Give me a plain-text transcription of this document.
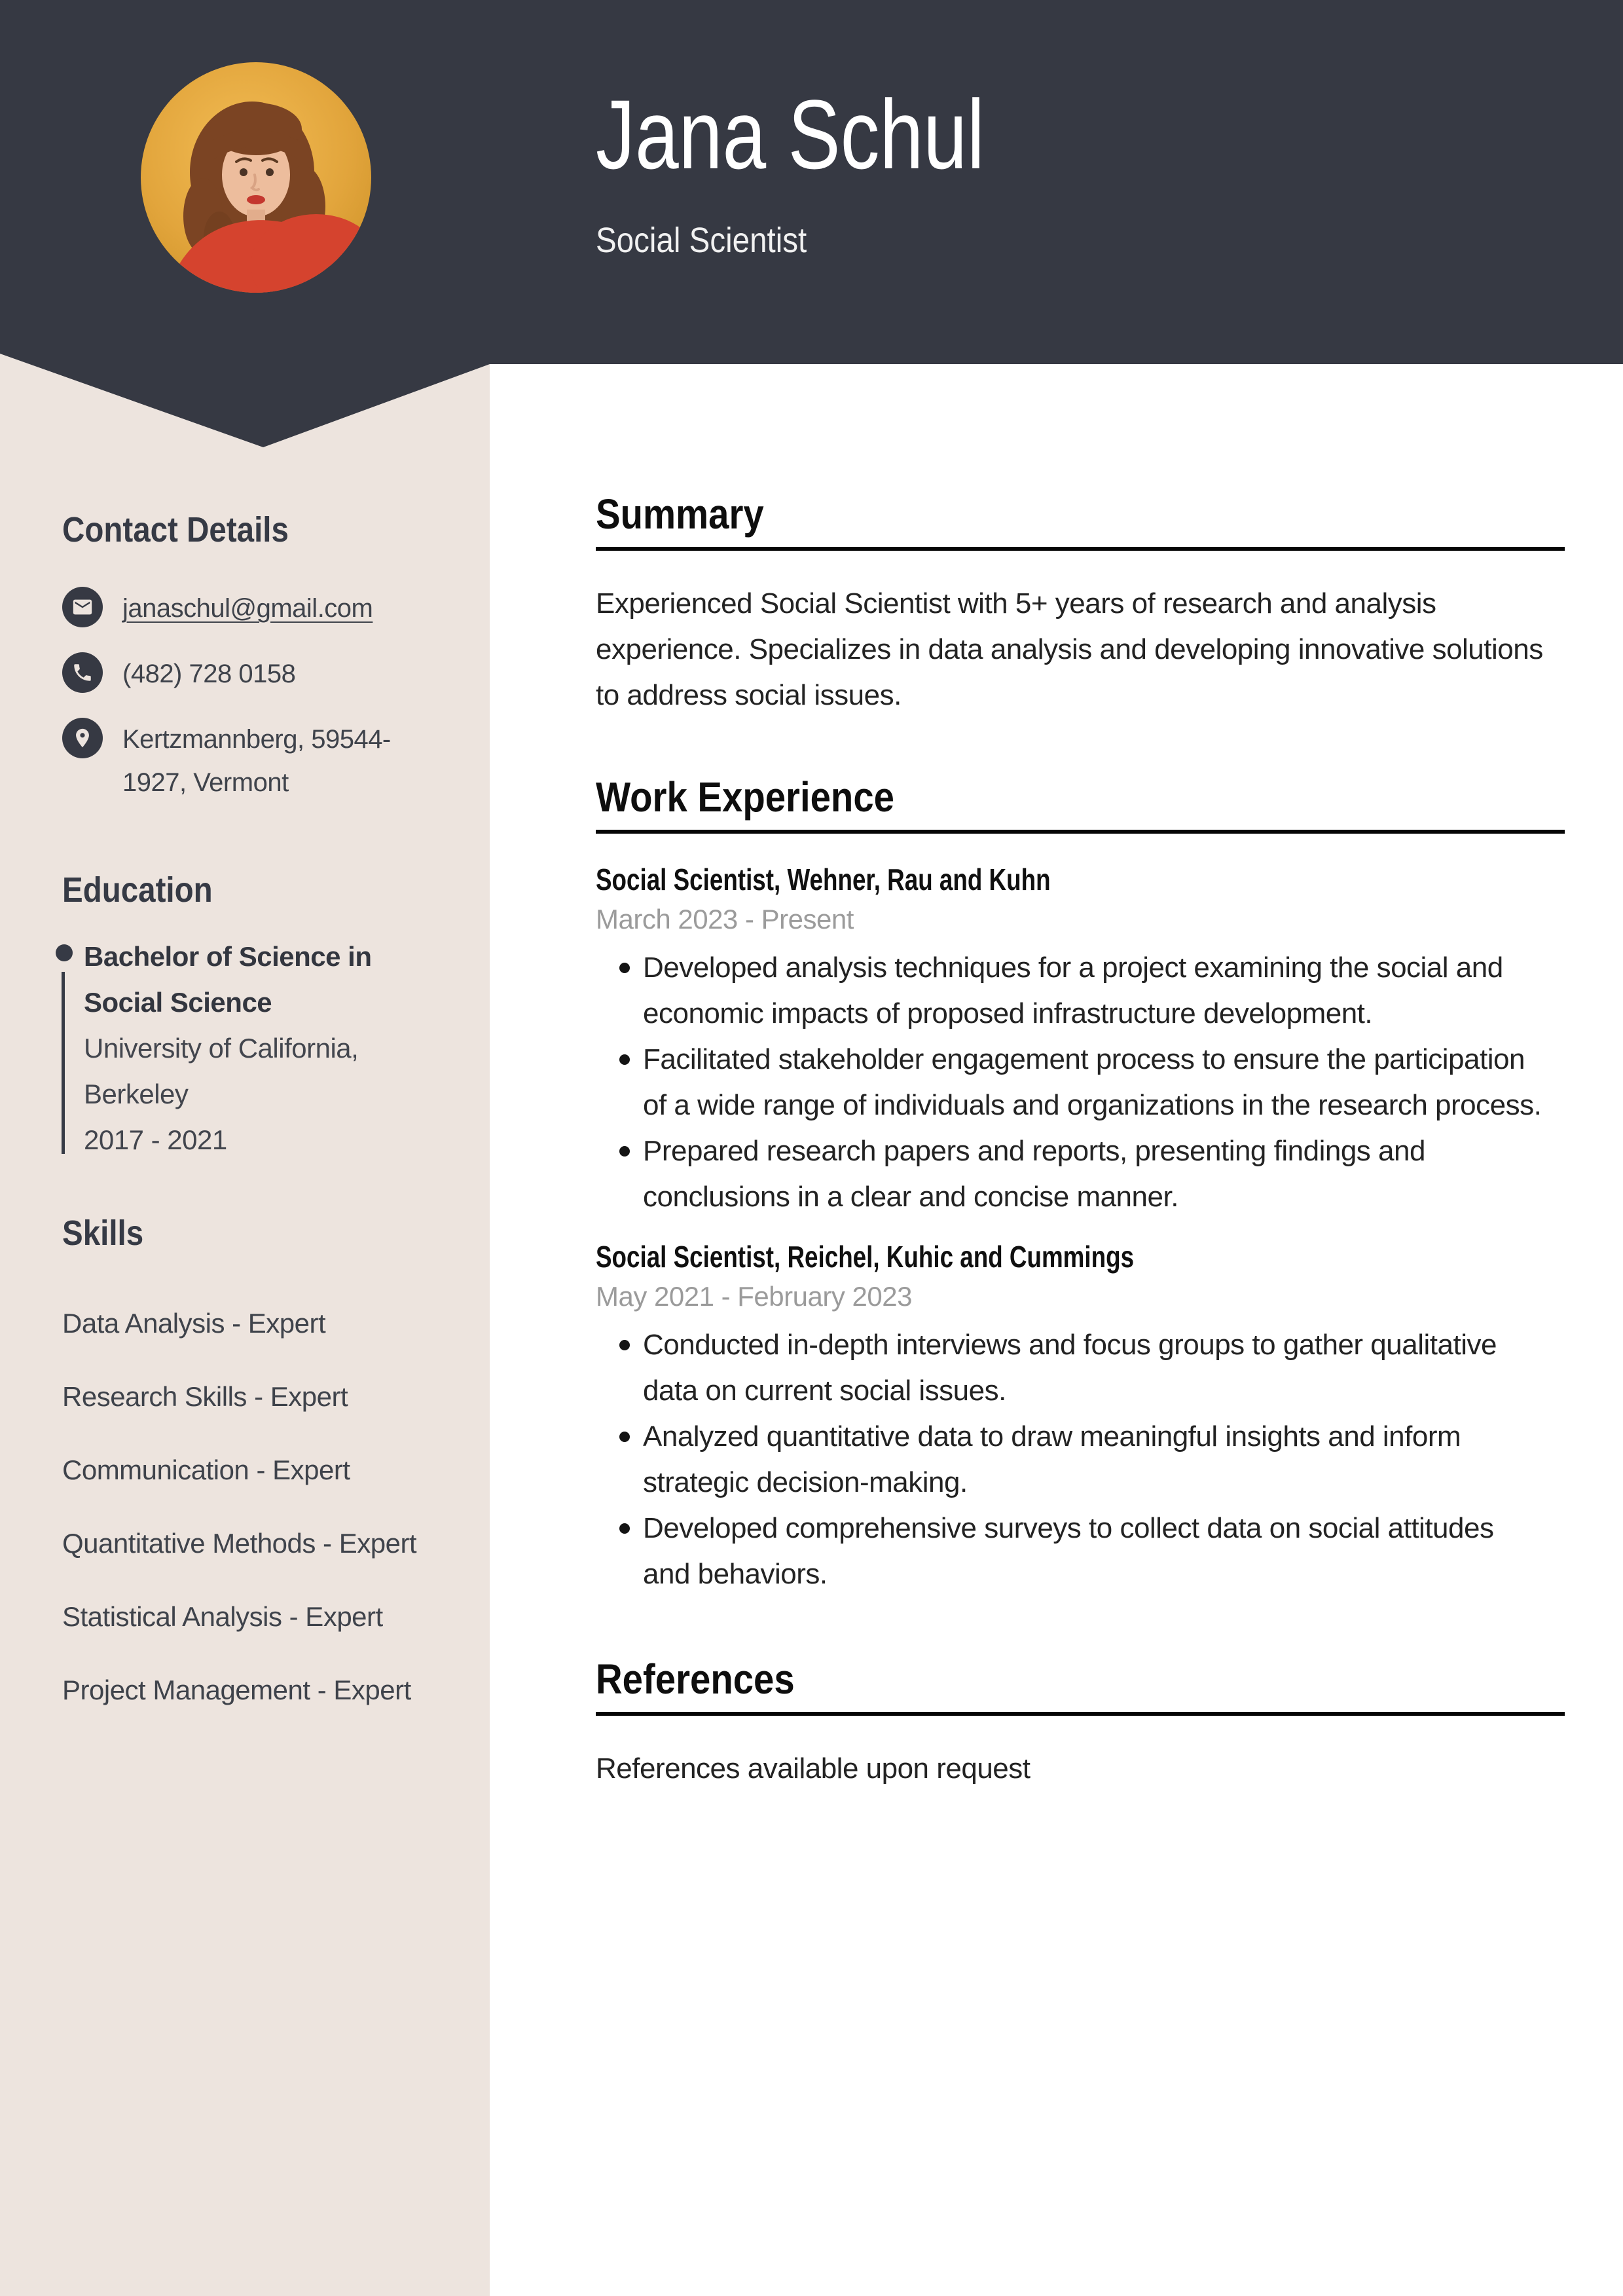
Jana Schul
Social Scientist
Contact Details
janaschul@gmail.com
(482) 728 0158
Kertzmannberg, 59544-1927, Vermont
Education
Bachelor of Science in Social Science
University of California, Berkeley
2017 - 2021
Skills
Data Analysis - Expert
Research Skills - Expert
Communication - Expert
Quantitative Methods - Expert
Statistical Analysis - Expert
Project Management - Expert
Summary

Experienced Social Scientist with 5+ years of research and analysis experience. Specializes in data analysis and developing innovative solutions to address social issues.

Work Experience
Social Scientist, Wehner, Rau and Kuhn
March 2023 - Present
Developed analysis techniques for a project examining the social and economic impacts of proposed infrastructure development.
Facilitated stakeholder engagement process to ensure the participation of a wide range of individuals and organizations in the research process.
Prepared research papers and reports, presenting findings and conclusions in a clear and concise manner.
Social Scientist, Reichel, Kuhic and Cummings
May 2021 - February 2023
Conducted in-depth interviews and focus groups to gather qualitative data on current social issues.
Analyzed quantitative data to draw meaningful insights and inform strategic decision-making.
Developed comprehensive surveys to collect data on social attitudes and behaviors.
References

References available upon request
